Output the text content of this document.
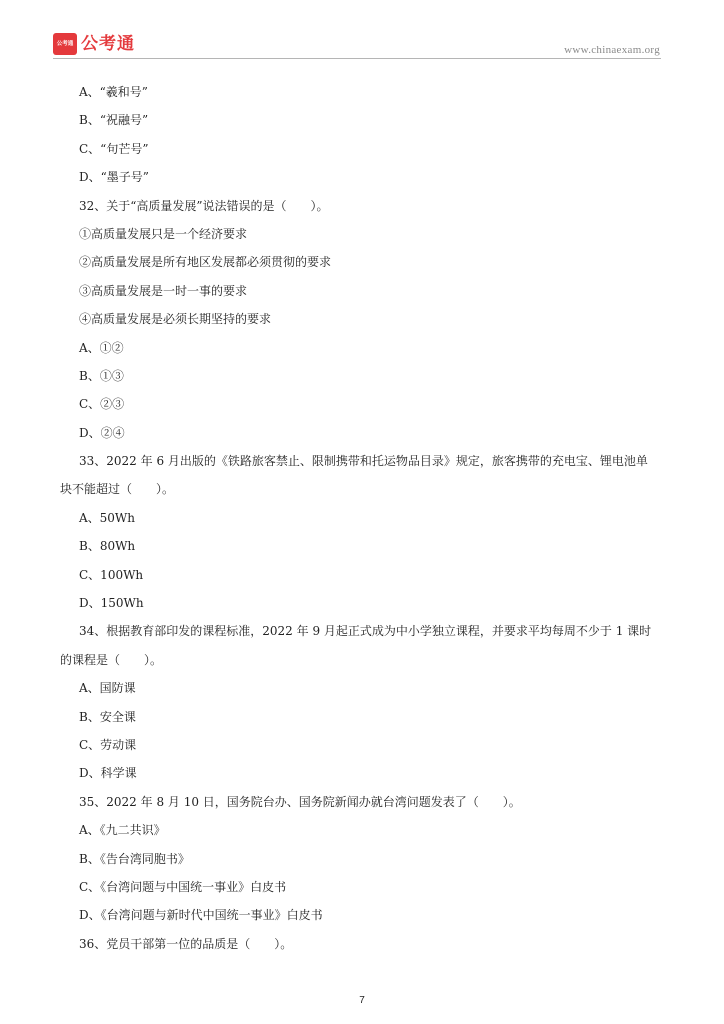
公考通 公考通	www.chinaexam.org
A、“羲和号”
B、“祝融号”
C、“句芒号”
D、“墨子号”
32、关于“高质量发展”说法错误的是（　　）。
①高质量发展只是一个经济要求
②高质量发展是所有地区发展都必须贯彻的要求
③高质量发展是一时一事的要求
④高质量发展是必须长期坚持的要求
A、①②
B、①③
C、②③
D、②④
33、2022 年 6 月出版的《铁路旅客禁止、限制携带和托运物品目录》规定，旅客携带的充电宝、锂电池单
块不能超过（　　）。
A、50Wh
B、80Wh
C、100Wh
D、150Wh
34、根据教育部印发的课程标准，2022 年 9 月起正式成为中小学独立课程，并要求平均每周不少于 1 课时
的课程是（　　）。
A、国防课
B、安全课
C、劳动课
D、科学课
35、2022 年 8 月 10 日，国务院台办、国务院新闻办就台湾问题发表了（　　）。
A、《九二共识》
B、《告台湾同胞书》
C、《台湾问题与中国统一事业》白皮书
D、《台湾问题与新时代中国统一事业》白皮书
36、党员干部第一位的品质是（　　）。
7
